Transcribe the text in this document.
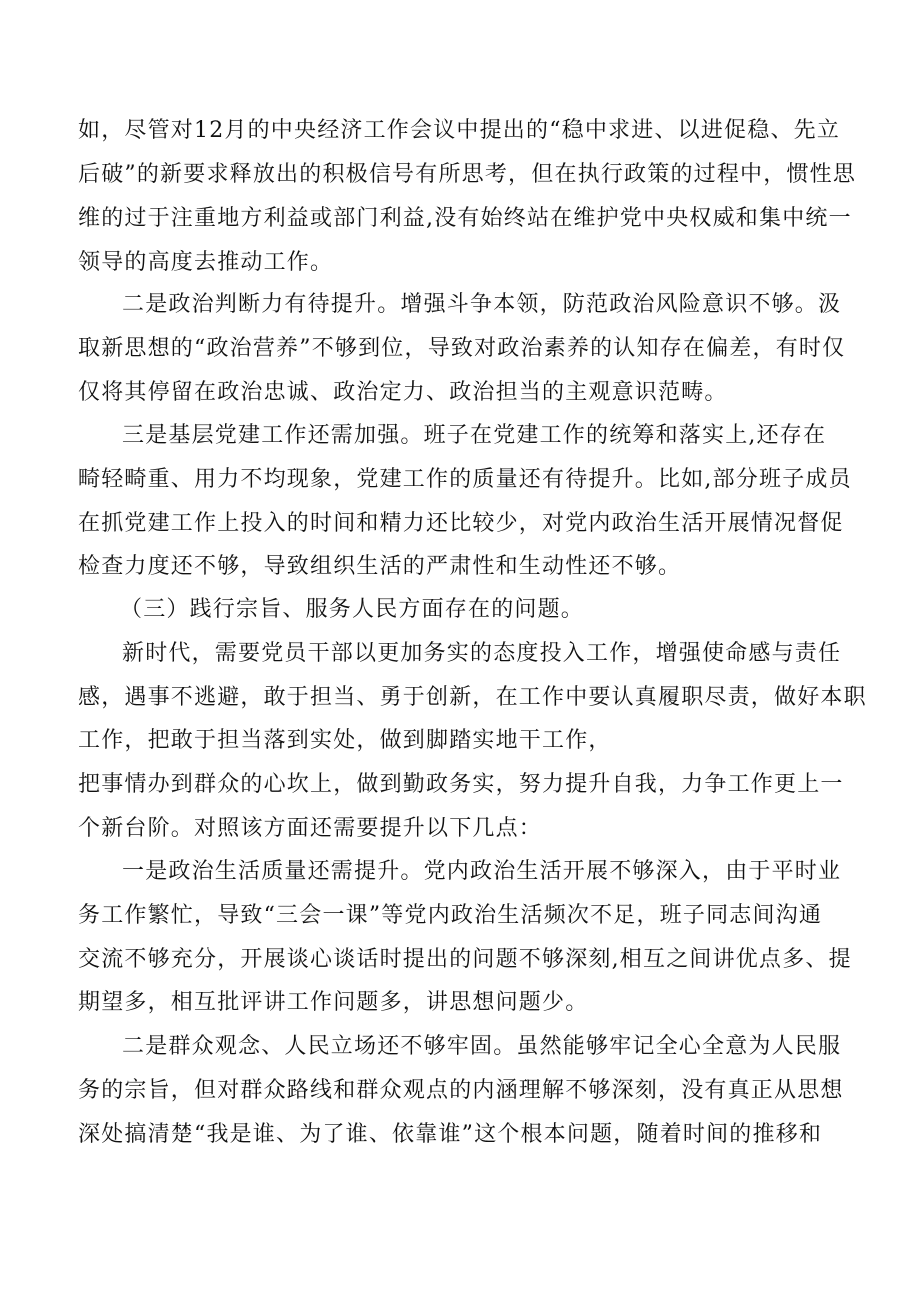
如，尽管对12月的中央经济工作会议中提出的“稳中求进、以进促稳、先立
后破”的新要求释放出的积极信号有所思考，但在执行政策的过程中，惯性思
维的过于注重地方利益或部门利益,没有始终站在维护党中央权威和集中统一
领导的高度去推动工作。
二是政治判断力有待提升。增强斗争本领，防范政治风险意识不够。汲
取新思想的“政治营养”不够到位，导致对政治素养的认知存在偏差，有时仅
仅将其停留在政治忠诚、政治定力、政治担当的主观意识范畴。
三是基层党建工作还需加强。班子在党建工作的统筹和落实上,还存在
畸轻畸重、用力不均现象，党建工作的质量还有待提升。比如,部分班子成员
在抓党建工作上投入的时间和精力还比较少，对党内政治生活开展情况督促
检查力度还不够，导致组织生活的严肃性和生动性还不够。
（三）践行宗旨、服务人民方面存在的问题。
新时代，需要党员干部以更加务实的态度投入工作，增强使命感与责任
感，遇事不逃避，敢于担当、勇于创新，在工作中要认真履职尽责，做好本职
工作，把敢于担当落到实处，做到脚踏实地干工作，
把事情办到群众的心坎上，做到勤政务实，努力提升自我，力争工作更上一
个新台阶。对照该方面还需要提升以下几点：
一是政治生活质量还需提升。党内政治生活开展不够深入，由于平时业
务工作繁忙，导致“三会一课”等党内政治生活频次不足，班子同志间沟通
交流不够充分，开展谈心谈话时提出的问题不够深刻,相互之间讲优点多、提
期望多，相互批评讲工作问题多，讲思想问题少。
二是群众观念、人民立场还不够牢固。虽然能够牢记全心全意为人民服
务的宗旨，但对群众路线和群众观点的内涵理解不够深刻，没有真正从思想
深处搞清楚“我是谁、为了谁、依靠谁”这个根本问题，随着时间的推移和
